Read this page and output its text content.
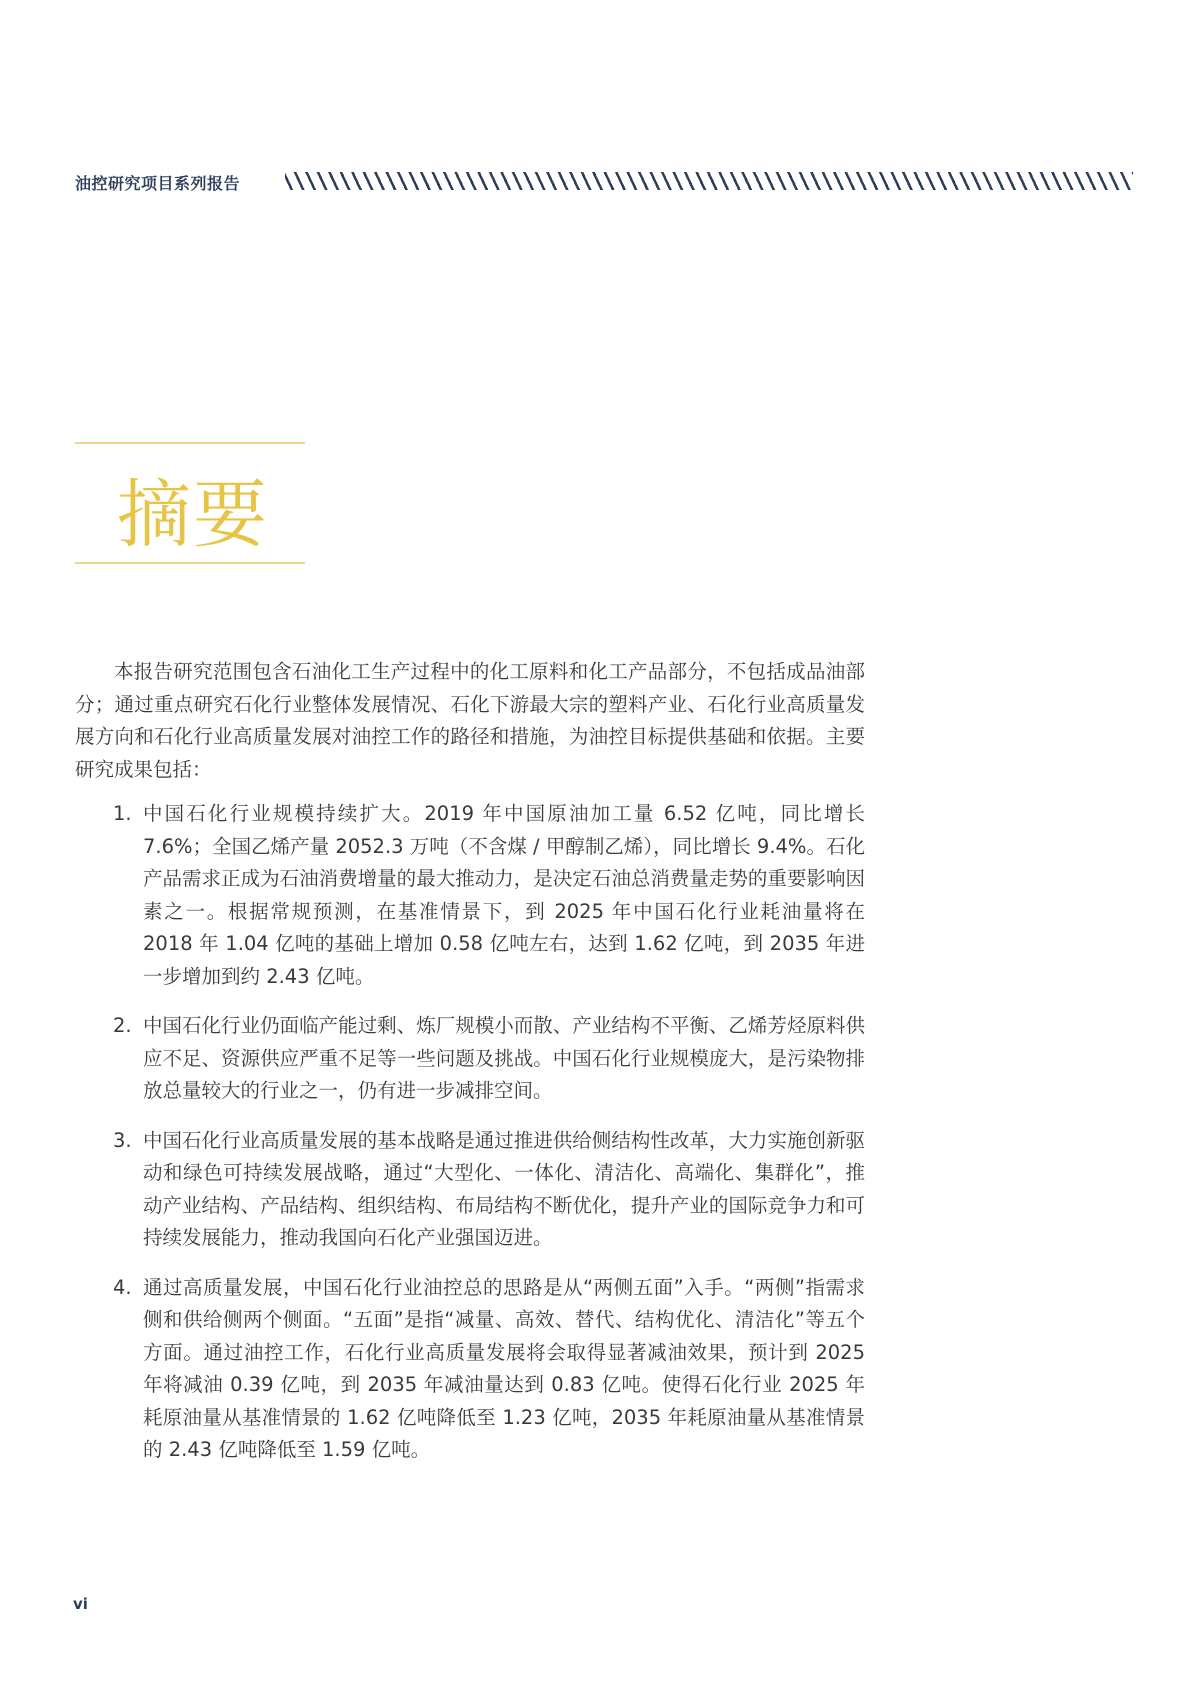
油控研究项目系列报告
摘要

本报告研究范围包含石油化工生产过程中的化工原料和化工产品部分，不包括成品油部分；通过重点研究石化行业整体发展情况、石化下游最大宗的塑料产业、石化行业高质量发展方向和石化行业高质量发展对油控工作的路径和措施，为油控目标提供基础和依据。主要研究成果包括：

1. 中国石化行业规模持续扩大。2019 年中国原油加工量 6.52 亿吨，同比增长 7.6%；全国乙烯产量 2052.3 万吨（不含煤 / 甲醇制乙烯），同比增长 9.4%。石化产品需求正成为石油消费增量的最大推动力，是决定石油总消费量走势的重要影响因素之一。根据常规预测，在基准情景下，到 2025 年中国石化行业耗油量将在 2018 年 1.04 亿吨的基础上增加 0.58 亿吨左右，达到 1.62 亿吨，到 2035 年进一步增加到约 2.43 亿吨。
2. 中国石化行业仍面临产能过剩、炼厂规模小而散、产业结构不平衡、乙烯芳烃原料供应不足、资源供应严重不足等一些问题及挑战。中国石化行业规模庞大，是污染物排放总量较大的行业之一，仍有进一步减排空间。
3. 中国石化行业高质量发展的基本战略是通过推进供给侧结构性改革，大力实施创新驱动和绿色可持续发展战略，通过“大型化、一体化、清洁化、高端化、集群化”，推动产业结构、产品结构、组织结构、布局结构不断优化，提升产业的国际竞争力和可持续发展能力，推动我国向石化产业强国迈进。
4. 通过高质量发展，中国石化行业油控总的思路是从“两侧五面”入手。“两侧”指需求侧和供给侧两个侧面。“五面”是指“减量、高效、替代、结构优化、清洁化”等五个方面。通过油控工作，石化行业高质量发展将会取得显著减油效果，预计到 2025 年将减油 0.39 亿吨，到 2035 年减油量达到 0.83 亿吨。使得石化行业 2025 年耗原油量从基准情景的 1.62 亿吨降低至 1.23 亿吨，2035 年耗原油量从基准情景的 2.43 亿吨降低至 1.59 亿吨。
vi
